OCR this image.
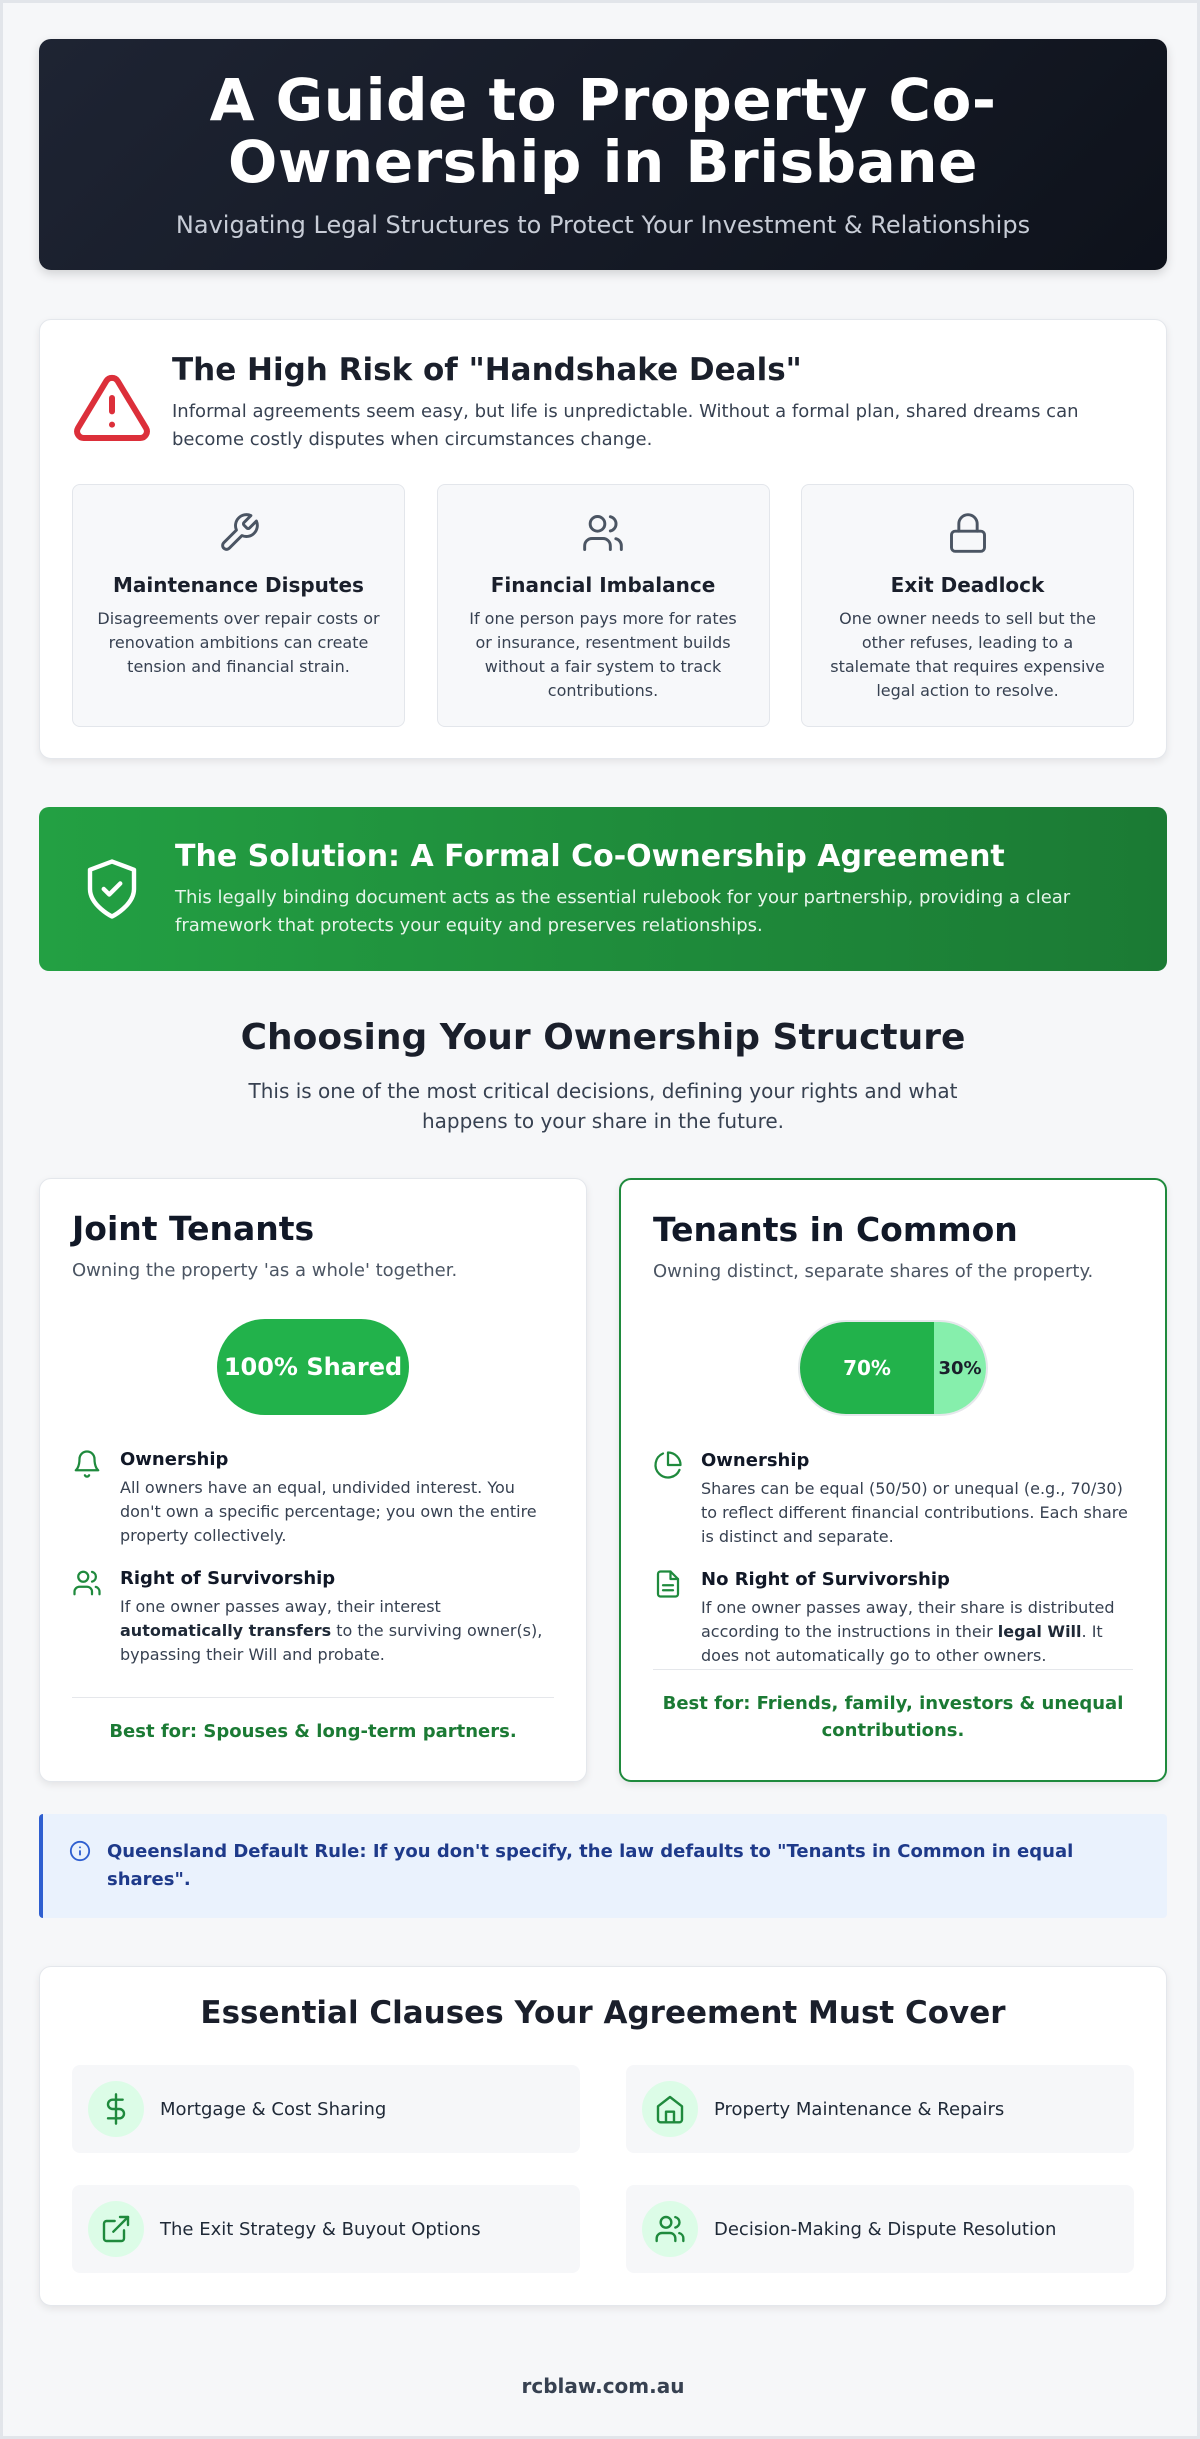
A Guide to Property Co-Ownership in Brisbane

Navigating Legal Structures to Protect Your Investment & Relationships

The High Risk of "Handshake Deals"

Informal agreements seem easy, but life is unpredictable. Without a formal plan, shared dreams can become costly disputes when circumstances change.

Maintenance Disputes

Disagreements over repair costs or renovation ambitions can create tension and financial strain.

Financial Imbalance

If one person pays more for rates or insurance, resentment builds without a fair system to track contributions.

Exit Deadlock

One owner needs to sell but the other refuses, leading to a stalemate that requires expensive legal action to resolve.

The Solution: A Formal Co-Ownership Agreement

This legally binding document acts as the essential rulebook for your partnership, providing a clear framework that protects your equity and preserves relationships.

Choosing Your Ownership Structure

This is one of the most critical decisions, defining your rights and what happens to your share in the future.

Joint Tenants
Owning the property 'as a whole' together.
100% Shared
Ownership

All owners have an equal, undivided interest. You don't own a specific percentage; you own the entire property collectively.

Right of Survivorship

If one owner passes away, their interest automatically transfers to the surviving owner(s), bypassing their Will and probate.

Best for: Spouses & long-term partners.
Tenants in Common
Owning distinct, separate shares of the property.
70%	30%
Ownership

Shares can be equal (50/50) or unequal (e.g., 70/30) to reflect different financial contributions. Each share is distinct and separate.

No Right of Survivorship

If one owner passes away, their share is distributed according to the instructions in their legal Will. It does not automatically go to other owners.

Best for: Friends, family, investors & unequal contributions.

Queensland Default Rule: If you don't specify, the law defaults to "Tenants in Common in equal shares".

Essential Clauses Your Agreement Must Cover
Mortgage & Cost Sharing	Property Maintenance & Repairs
The Exit Strategy & Buyout Options	Decision-Making & Dispute Resolution
rcblaw.com.au
